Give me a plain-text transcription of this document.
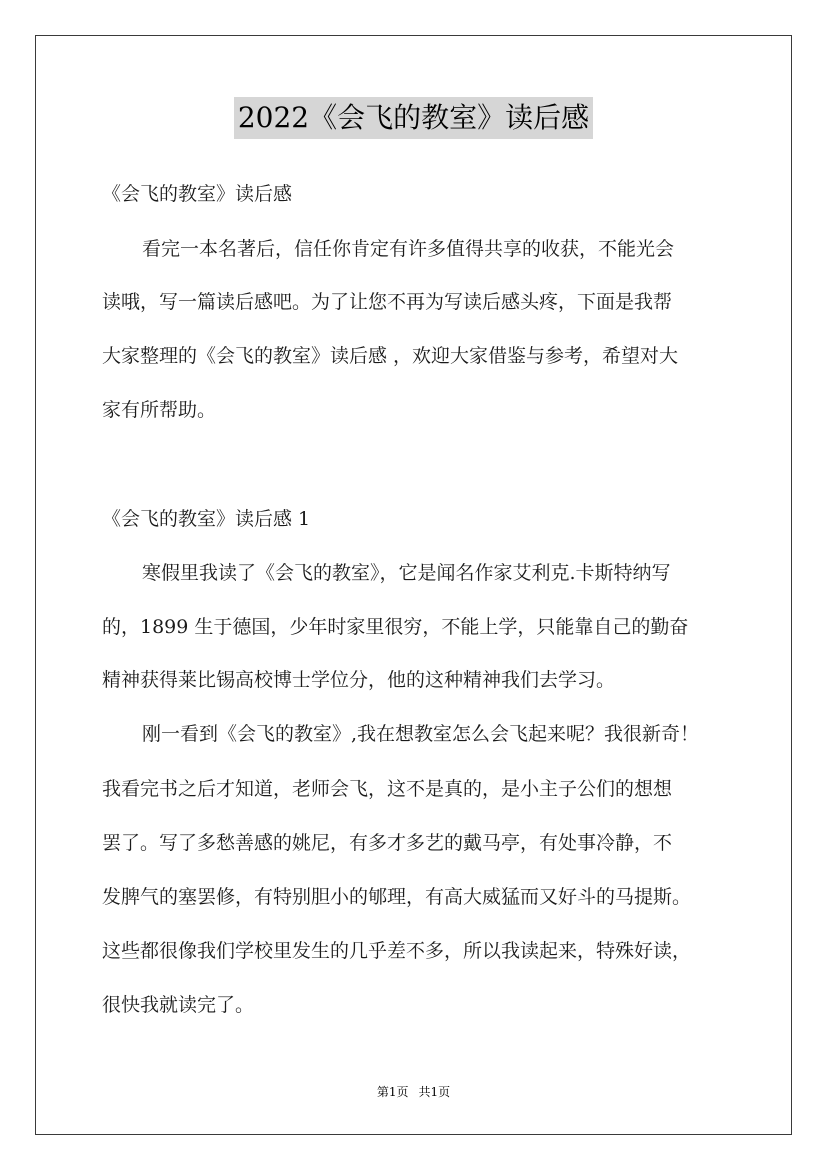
2022《会飞的教室》读后感
《会飞的教室》读后感
看完一本名著后，信任你肯定有许多值得共享的收获，不能光会
读哦，写一篇读后感吧。为了让您不再为写读后感头疼，下面是我帮
大家整理的《会飞的教室》读后感 ，欢迎大家借鉴与参考，希望对大
家有所帮助。
《会飞的教室》读后感 1
寒假里我读了《会飞的教室》，它是闻名作家艾利克.卡斯特纳写
的，1899 生于德国，少年时家里很穷，不能上学，只能靠自己的勤奋
精神获得莱比锡高校博士学位分，他的这种精神我们去学习。
刚一看到《会飞的教室》,我在想教室怎么会飞起来呢？我很新奇！
我看完书之后才知道，老师会飞，这不是真的，是小主子公们的想想
罢了。写了多愁善感的姚尼，有多才多艺的戴马亭，有处事冷静，不
发脾气的塞罢修，有特别胆小的郇理，有高大威猛而又好斗的马提斯。
这些都很像我们学校里发生的几乎差不多，所以我读起来，特殊好读，
很快我就读完了。
第1页 共1页
